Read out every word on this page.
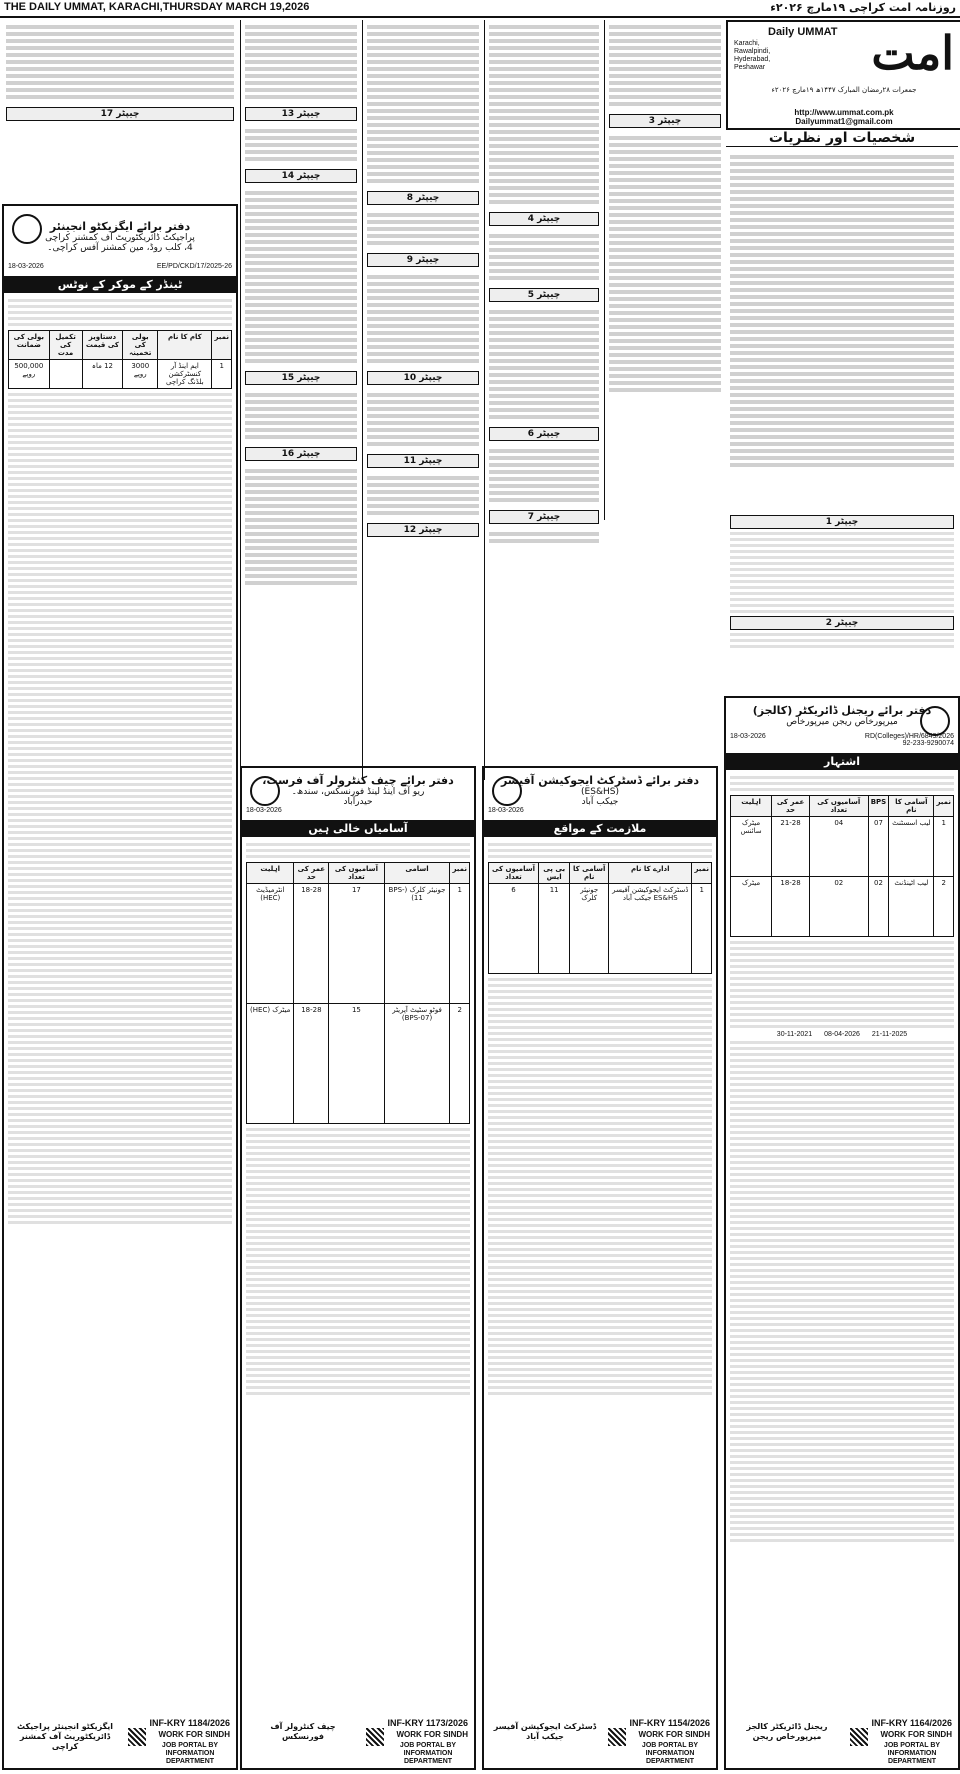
THE DAILY UMMAT, KARACHI,THURSDAY MARCH 19,2026	روزنامہ امت کراچی ۱۹مارچ ۲۰۲۶ء
Daily UMMAT
Karachi, Rawalpindi, Hyderabad, Peshawar	امت
جمعرات ۲۸رمضان المبارک ۱۴۴۷ھ ۱۹مارچ ۲۰۲۶ء
http://www.ummat.com.pk
Dailyummat1@gmail.com
شخصیات اور نظریات
چیپٹر 1
چیپٹر 2
چیپٹر 3
چیپٹر 4
چیپٹر 5
چیپٹر 6
چیپٹر 7
چیپٹر 8
چیپٹر 9
چیپٹر 10
چیپٹر 11
چیپٹر 12
چیپٹر 13
چیپٹر 14
چیپٹر 15
چیپٹر 16
چیپٹر 17
دفتر برائے ایگزیکٹو انجینئر
پراجیکٹ ڈائریکٹوریٹ آف کمشنر کراچی
4، کلب روڈ، مین کمشنر آفس کراچی۔
18-03-2026	EE/PD/CKD/17/2025-26
ٹینڈر کے موکر کے نوٹس
نمبر	کام کا نام	بولی کی تخمینہ	دستاویز کی قیمت	تکمیل کی مدت	بولی کی ضمانت
1	ایم اینڈ آر کنسٹرکشن بلڈنگ کراچی	3000 روپے	12 ماہ		500,000 روپے
INF-KRY 1184/2026
WORK FOR SINDH
JOB PORTAL BY INFORMATION DEPARTMENT
ایگزیکٹو انجینئر پراجیکٹ ڈائریکٹوریٹ آف کمشنر کراچی
دفتر برائے چیف کنٹرولر آف فرسٹ،
ریو آف اینڈ لینڈ فورنسکس، سندھ۔
حیدرآباد
18-03-2026
آسامیاں خالی ہیں
نمبر	اسامی	آسامیوں کی تعداد	عمر کی حد	اہلیت
1	جونیئر کلرک (BPS-11)	17	18-28	انٹرمیڈیٹ (HEC)
2	فوٹو سٹیٹ آپریٹر (BPS-07)	15	18-28	میٹرک (HEC)
INF-KRY 1173/2026
WORK FOR SINDH
JOB PORTAL BY INFORMATION DEPARTMENT
چیف کنٹرولر آف فورنسکس
دفتر برائے ڈسٹرکٹ ایجوکیشن آفیسر
(ES&HS)
جیکب آباد
18-03-2026
ملازمت کے مواقع
نمبر	ادارے کا نام	آسامی کا نام	بی پی ایس	آسامیوں کی تعداد
1	ڈسٹرکٹ ایجوکیشن آفیسر ES&HS جیکب آباد	جونیئر کلرک	11	6
INF-KRY 1154/2026
WORK FOR SINDH
JOB PORTAL BY INFORMATION DEPARTMENT
ڈسٹرکٹ ایجوکیشن آفیسر جیکب آباد
دفتر برائے ریجنل ڈائریکٹر (کالجز)
میرپورخاص ریجن میرپورخاص
18-03-2026	RD(Colleges)/HR/6849/2026
92-233-9290074
اشتہار
نمبر	آسامی کا نام	BPS	آسامیوں کی تعداد	عمر کی حد	اہلیت
1	لیب اسسٹنٹ	07	04	21-28	میٹرک سائنس
2	لیب اٹینڈنٹ	02	02	18-28	میٹرک
30-11-2021 08-04-2026 21-11-2025
INF-KRY 1164/2026
WORK FOR SINDH
JOB PORTAL BY INFORMATION DEPARTMENT
ریجنل ڈائریکٹر کالجز میرپورخاص ریجن
